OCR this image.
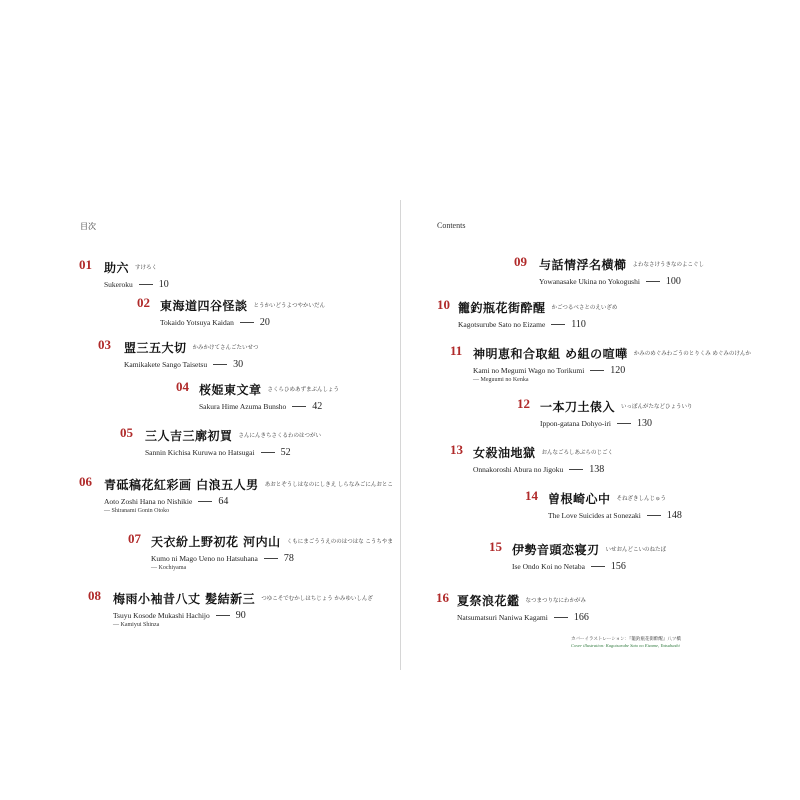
目次	Contents
01 助六 すけろく
Sukeroku	10
02 東海道四谷怪談 とうかいどうよつやかいだん
Tokaido Yotsuya Kaidan	20
03 盟三五大切 かみかけてさんごたいせつ
Kamikakete Sango Taisetsu	30
04 桜姫東文章 さくらひめあずまぶんしょう
Sakura Hime Azuma Bunsho	42
05 三人吉三廓初買 さんにんきちさくるわのはつがい
Sannin Kichisa Kuruwa no Hatsugai	52
06 青砥稿花紅彩画 白浪五人男 あおとぞうしはなのにしきえ しらなみごにんおとこ
Aoto Zoshi Hana no Nishikie	64
— Shiranami Gonin Otoko
07 天衣紛上野初花 河内山 くもにまごううえののはつはな こうちやま
Kumo ni Mago Ueno no Hatsuhana	78
— Kochiyama
08 梅雨小袖昔八丈 髪結新三 つゆこそでむかしはちじょう かみゆいしんざ
Tsuyu Kosode Mukashi Hachijo	90
— Kamiyui Shinza
09 与話情浮名横櫛 よわなさけうきなのよこぐし
Yowanasake Ukina no Yokogushi	100
10 籠釣瓶花街酔醒 かごつるべさとのえいざめ
Kagotsurube Sato no Eizame	110
11 神明恵和合取組 め組の喧嘩 かみのめぐみわごうのとりくみ めぐみのけんか
Kami no Megumi Wago no Torikumi	120
— Meguumi no Kenka
12 一本刀土俵入 いっぽんがたなどひょういり
Ippon-gatana Dohyo-iri	130
13 女殺油地獄 おんなごろしあぶらのじごく
Onnakoroshi Abura no Jigoku	138
14 曽根崎心中 そねざきしんじゅう
The Love Suicides at Sonezaki	148
15 伊勢音頭恋寝刃 いせおんどこいのねたば
Ise Ondo Koi no Netaba	156
16 夏祭浪花鑑 なつまつりなにわかがみ
Natsumatsuri Naniwa Kagami	166
カバーイラストレーション：『籠釣瓶花街酔醒』八ツ橋
Cover illustration: Kagotsurube Sato no Eizame, Yatsuhashi
